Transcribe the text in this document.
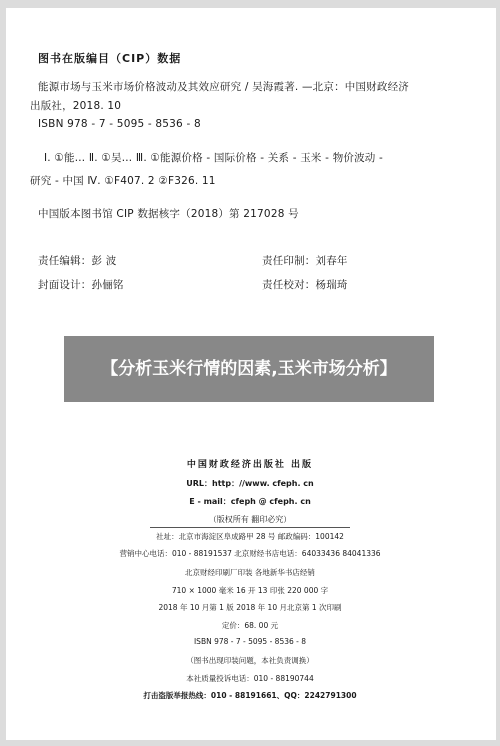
图书在版编目（CIP）数据
能源市场与玉米市场价格波动及其效应研究 / 吴海霞著. —北京：中国财政经济
出版社，2018. 10
ISBN 978 - 7 - 5095 - 8536 - 8
Ⅰ. ①能… Ⅱ. ①吴… Ⅲ. ①能源价格 - 国际价格 - 关系 - 玉米 - 物价波动 -
研究 - 中国 Ⅳ. ①F407. 2 ②F326. 11
中国版本图书馆 CIP 数据核字（2018）第 217028 号
责任编辑：彭 波	责任印制：刘春年
封面设计：孙俪铭	责任校对：杨瑞琦
【分析玉米行情的因素,玉米市场分析】
中国财政经济出版社 出版
URL：http：//www. cfeph. cn
E - mail：cfeph @ cfeph. cn
（版权所有 翻印必究）
社址：北京市海淀区阜成路甲 28 号 邮政编码：100142
营销中心电话：010 - 88191537 北京财经书店电话：64033436 84041336
北京财经印刷厂印装 各地新华书店经销
710 × 1000 毫米 16 开 13 印张 220 000 字
2018 年 10 月第 1 版 2018 年 10 月北京第 1 次印刷
定价：68. 00 元
ISBN 978 - 7 - 5095 - 8536 - 8
（图书出现印装问题，本社负责调换）
本社质量投诉电话：010 - 88190744
打击盗版举报热线：010 - 88191661、QQ：2242791300
